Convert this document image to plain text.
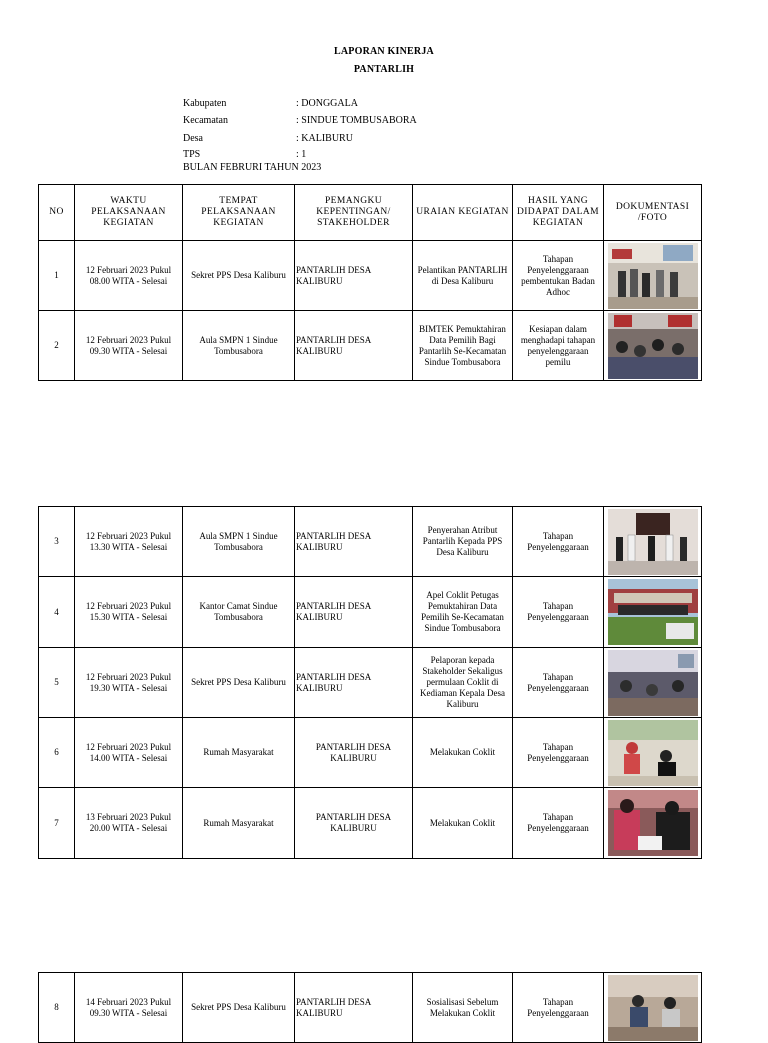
LAPORAN KINERJA
PANTARLIH
Kabupaten	: DONGGALA
Kecamatan	: SINDUE TOMBUSABORA
Desa	: KALIBURU
TPS	: 1
BULAN FEBRURI TAHUN 2023
NO	WAKTU PELAKSANAAN KEGIATAN	TEMPAT PELAKSANAAN KEGIATAN	PEMANGKU KEPENTINGAN/ STAKEHOLDER	URAIAN KEGIATAN	HASIL YANG DIDAPAT DALAM KEGIATAN	DOKUMENTASI /FOTO
1	12 Februari 2023 Pukul 08.00 WITA - Selesai	Sekret PPS Desa Kaliburu	PANTARLIH DESA KALIBURU	Pelantikan PANTARLIH di Desa Kaliburu	Tahapan Penyelenggaraan pembentukan Badan Adhoc	

2	12 Februari 2023 Pukul 09.30 WITA - Selesai	Aula SMPN 1 Sindue Tombusabora	PANTARLIH DESA KALIBURU	BIMTEK Pemuktahiran Data Pemilih Bagi Pantarlih Se-Kecamatan Sindue Tombusabora	Kesiapan dalam menghadapi tahapan penyelenggaraan pemilu	
3	12 Februari 2023 Pukul 13.30 WITA - Selesai	Aula SMPN 1 Sindue Tombusabora	PANTARLIH DESA KALIBURU	Penyerahan Atribut Pantarlih Kepada PPS Desa Kaliburu	Tahapan Penyelenggaraan	

4	12 Februari 2023 Pukul 15.30 WITA - Selesai	Kantor Camat Sindue Tombusabora	PANTARLIH DESA KALIBURU	Apel Coklit Petugas Pemuktahiran Data Pemilih Se-Kecamatan Sindue Tombusabora	Tahapan Penyelenggaraan	

5	12 Februari 2023 Pukul 19.30 WITA - Selesai	Sekret PPS Desa Kaliburu	PANTARLIH DESA KALIBURU	Pelaporan kepada Stakeholder Sekaligus permulaan Coklit di Kediaman Kepala Desa Kaliburu	Tahapan Penyelenggaraan	

6	12 Februari 2023 Pukul 14.00 WITA - Selesai	Rumah Masyarakat	PANTARLIH DESA KALIBURU	Melakukan Coklit	Tahapan Penyelenggaraan	

7	13 Februari 2023 Pukul 20.00 WITA - Selesai	Rumah Masyarakat	PANTARLIH DESA KALIBURU	Melakukan Coklit	Tahapan Penyelenggaraan	
8	14 Februari 2023 Pukul 09.30 WITA - Selesai	Sekret PPS Desa Kaliburu	PANTARLIH DESA KALIBURU	Sosialisasi Sebelum Melakukan Coklit	Tahapan Penyelenggaraan	
